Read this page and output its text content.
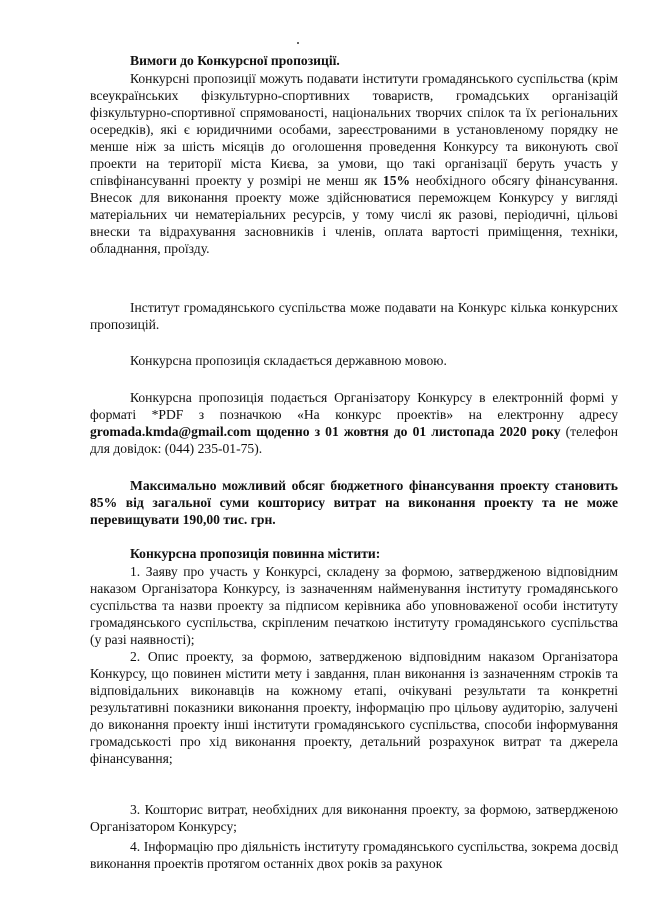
Вимоги до Конкурсної пропозиції.
Конкурсні пропозиції можуть подавати інститути громадянського суспільства (крім всеукраїнських фізкультурно-спортивних товариств, громадських організацій фізкультурно-спортивної спрямованості, національних творчих спілок та їх регіональних осередків), які є юридичними особами, зареєстрованими в установленому порядку не менше ніж за шість місяців до оголошення проведення Конкурсу та виконують свої проекти на території міста Києва, за умови, що такі організації беруть участь у співфінансуванні проекту у розмірі не менш як 15% необхідного обсягу фінансування. Внесок для виконання проекту може здійснюватися переможцем Конкурсу у вигляді матеріальних чи нематеріальних ресурсів, у тому числі як разові, періодичні, цільові внески та відрахування засновників і членів, оплата вартості приміщення, техніки, обладнання, проїзду.
Інститут громадянського суспільства може подавати на Конкурс кілька конкурсних пропозицій.
Конкурсна пропозиція складається державною мовою.
Конкурсна пропозиція подається Організатору Конкурсу в електронній формі у форматі *PDF з позначкою «На конкурс проектів» на електронну адресу gromada.kmda@gmail.com щоденно з 01 жовтня до 01 листопада 2020 року (телефон для довідок: (044) 235-01-75).
Максимально можливий обсяг бюджетного фінансування проекту становить 85% від загальної суми кошторису витрат на виконання проекту та не може перевищувати 190,00 тис. грн.
Конкурсна пропозиція повинна містити:
1. Заяву про участь у Конкурсі, складену за формою, затвердженою відповідним наказом Організатора Конкурсу, із зазначенням найменування інституту громадянського суспільства та назви проекту за підписом керівника або уповноваженої особи інституту громадянського суспільства, скріпленим печаткою інституту громадянського суспільства (у разі наявності);
2. Опис проекту, за формою, затвердженою відповідним наказом Організатора Конкурсу, що повинен містити мету і завдання, план виконання із зазначенням строків та відповідальних виконавців на кожному етапі, очікувані результати та конкретні результативні показники виконання проекту, інформацію про цільову аудиторію, залучені до виконання проекту інші інститути громадянського суспільства, способи інформування громадськості про хід виконання проекту, детальний розрахунок витрат та джерела фінансування;
3. Кошторис витрат, необхідних для виконання проекту, за формою, затвердженою Організатором Конкурсу;
4. Інформацію про діяльність інституту громадянського суспільства, зокрема досвід виконання проектів протягом останніх двох років за рахунок
